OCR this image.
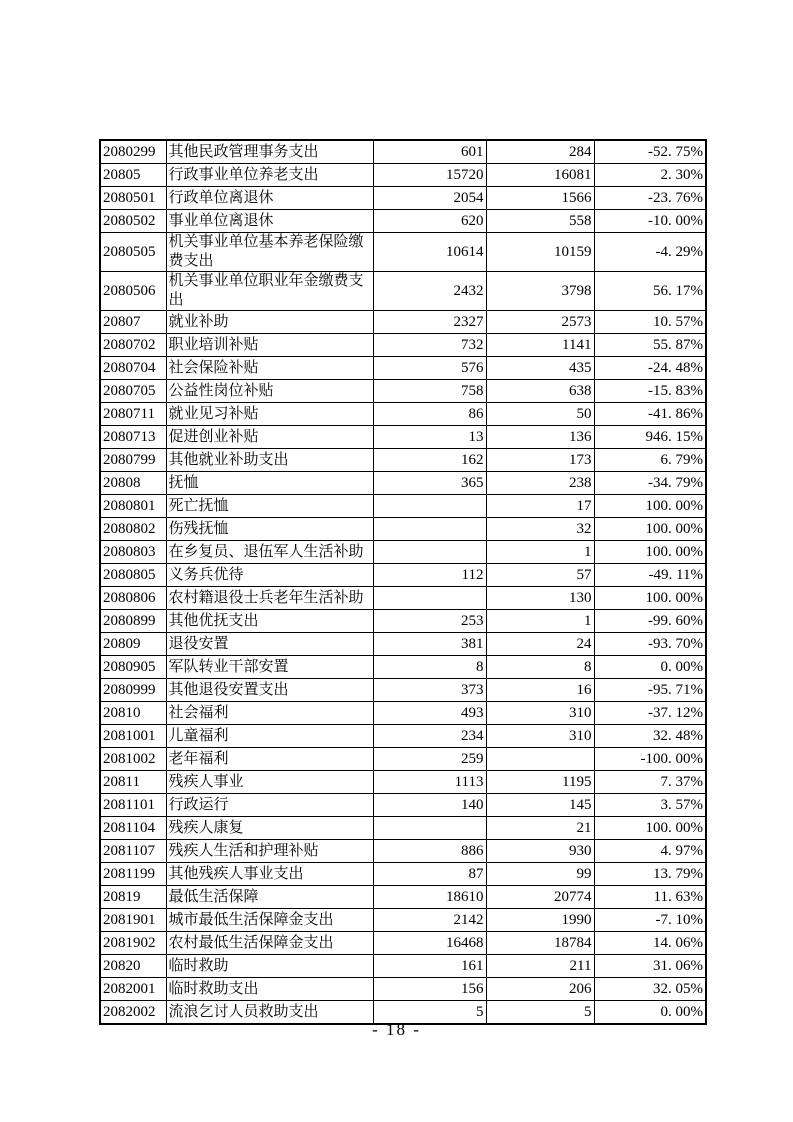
2080299	其他民政管理事务支出	601	284	-52. 75%
20805	行政事业单位养老支出	15720	16081	2. 30%
2080501	行政单位离退休	2054	1566	-23. 76%
2080502	事业单位离退休	620	558	-10. 00%
2080505	机关事业单位基本养老保险缴费支出	10614	10159	-4. 29%
2080506	机关事业单位职业年金缴费支出	2432	3798	56. 17%
20807	就业补助	2327	2573	10. 57%
2080702	职业培训补贴	732	1141	55. 87%
2080704	社会保险补贴	576	435	-24. 48%
2080705	公益性岗位补贴	758	638	-15. 83%
2080711	就业见习补贴	86	50	-41. 86%
2080713	促进创业补贴	13	136	946. 15%
2080799	其他就业补助支出	162	173	6. 79%
20808	抚恤	365	238	-34. 79%
2080801	死亡抚恤		17	100. 00%
2080802	伤残抚恤		32	100. 00%
2080803	在乡复员、退伍军人生活补助		1	100. 00%
2080805	义务兵优待	112	57	-49. 11%
2080806	农村籍退役士兵老年生活补助		130	100. 00%
2080899	其他优抚支出	253	1	-99. 60%
20809	退役安置	381	24	-93. 70%
2080905	军队转业干部安置	8	8	0. 00%
2080999	其他退役安置支出	373	16	-95. 71%
20810	社会福利	493	310	-37. 12%
2081001	儿童福利	234	310	32. 48%
2081002	老年福利	259		-100. 00%
20811	残疾人事业	1113	1195	7. 37%
2081101	行政运行	140	145	3. 57%
2081104	残疾人康复		21	100. 00%
2081107	残疾人生活和护理补贴	886	930	4. 97%
2081199	其他残疾人事业支出	87	99	13. 79%
20819	最低生活保障	18610	20774	11. 63%
2081901	城市最低生活保障金支出	2142	1990	-7. 10%
2081902	农村最低生活保障金支出	16468	18784	14. 06%
20820	临时救助	161	211	31. 06%
2082001	临时救助支出	156	206	32. 05%
2082002	流浪乞讨人员救助支出	5	5	0. 00%
- 18 -
